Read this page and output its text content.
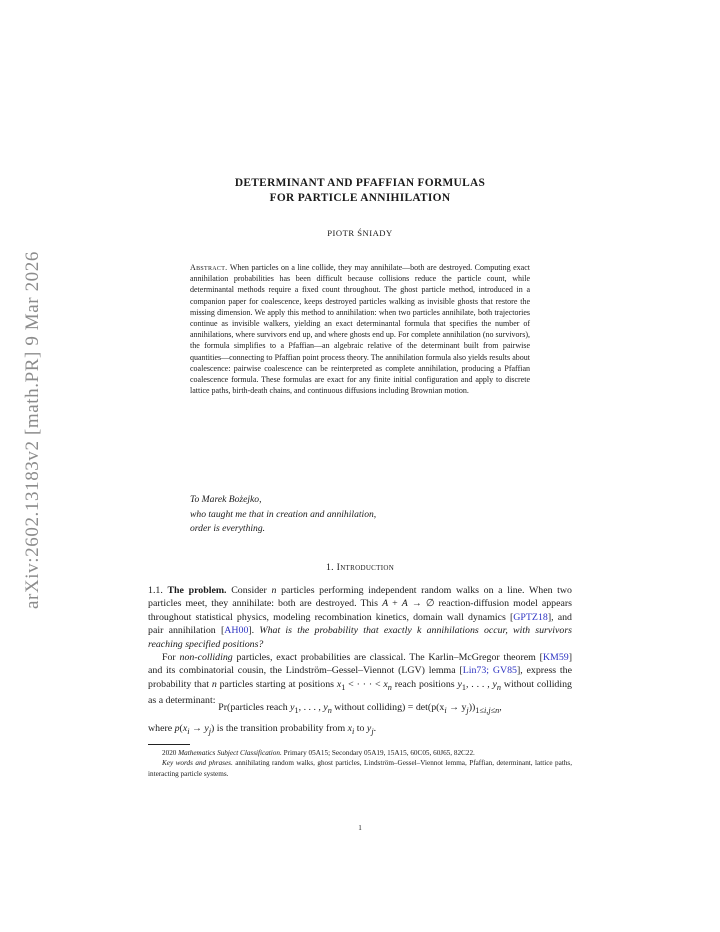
arXiv:2602.13183v2 [math.PR] 9 Mar 2026
DETERMINANT AND PFAFFIAN FORMULAS
FOR PARTICLE ANNIHILATION
PIOTR ŚNIADY
Abstract. When particles on a line collide, they may annihilate—both are destroyed. Computing exact annihilation probabilities has been difficult because collisions reduce the particle count, while determinantal methods require a fixed count throughout. The ghost particle method, introduced in a companion paper for coalescence, keeps destroyed particles walking as invisible ghosts that restore the missing dimension. We apply this method to annihilation: when two particles annihilate, both trajectories continue as invisible walkers, yielding an exact determinantal formula that specifies the number of annihilations, where survivors end up, and where ghosts end up. For complete annihilation (no survivors), the formula simplifies to a Pfaffian—an algebraic relative of the determinant built from pairwise quantities—connecting to Pfaffian point process theory. The annihilation formula also yields results about coalescence: pairwise coalescence can be reinterpreted as complete annihilation, producing a Pfaffian coalescence formula. These formulas are exact for any finite initial configuration and apply to discrete lattice paths, birth-death chains, and continuous diffusions including Brownian motion.
To Marek Bożejko,
who taught me that in creation and annihilation,
order is everything.
1. Introduction

1.1. The problem. Consider n particles performing independent random walks on a line. When two particles meet, they annihilate: both are destroyed. This A + A → ∅ reaction-diffusion model appears throughout statistical physics, modeling recombination kinetics, domain wall dynamics [GPTZ18], and pair annihilation [AH00]. What is the probability that exactly k annihilations occur, with survivors reaching specified positions?

For non-colliding particles, exact probabilities are classical. The Karlin–McGregor theorem [KM59] and its combinatorial cousin, the Lindström–Gessel–Viennot (LGV) lemma [Lin73; GV85], express the probability that n particles starting at positions $x_1$ < · · · < $x_n$ reach positions $y_1$, . . . , $y_n$ without colliding as a determinant:

Pr(particles reach $y_1$, . . . , $y_n$ without colliding) = $\det(p(x_i \to y_j))_{1\le i,j\le n}$,
where $p(x_i \to y_j)$ is the transition probability from $x_i$ to $y_j$.

2020 Mathematics Subject Classification. Primary 05A15; Secondary 05A19, 15A15, 60C05, 60J65, 82C22.

Key words and phrases. annihilating random walks, ghost particles, Lindström–Gessel–Viennot lemma, Pfaffian, determinant, lattice paths, interacting particle systems.

1
